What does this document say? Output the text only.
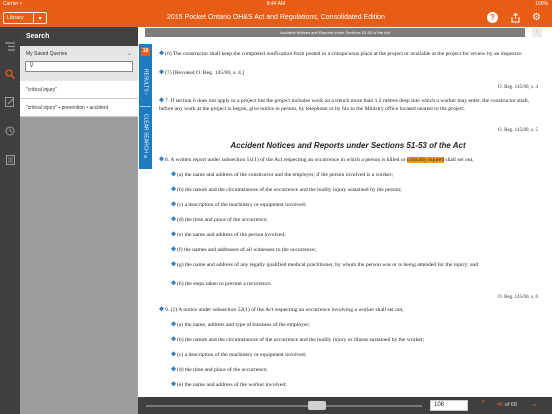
Carrier ≈	8:44 AM	100%
Library	▾	2015 Pocket Ontario OH&S Act and Regulations, Consolidated Edition	?	⚙
Search
My Saved Queries	⌄
⊽
"critical injury"
"critical injury" • prevention • accident
19
RESULTS ›
CLEAR SEARCH ✕
Accident Notices and Reports under Sections 51-53 of the Act	↑
✥(6) The constructor shall keep the completed notification form posted in a conspicuous place at the project or available at the project for review by an inspector.
✥(7) [Revoked O. Reg. 145/00, s. 4.]
O. Reg. 145/00, s. 4
✥7. If section 6 does not apply to a project but the project includes work on a trench more than 1.2 metres deep into which a worker may enter, the constructor shall, before any work at the project is begun, give notice in person, by telephone or by fax to the Ministry office located nearest to the project.
O. Reg. 145/00, s. 5
Accident Notices and Reports under Sections 51-53 of the Act
✥8. A written report under subsection 51(1) of the Act respecting an occurrence in which a person is killed or critically injured shall set out,
✥(a) the name and address of the constructor and the employer, if the person involved is a worker;
✥(b) the nature and the circumstances of the occurrence and the bodily injury sustained by the person;
✥(c) a description of the machinery or equipment involved;
✥(d) the time and place of the occurrence;
✥(e) the name and address of the person involved;
✥(f) the names and addresses of all witnesses to the occurrence;
✥(g) the name and address of any legally qualified medical practitioner, by whom the person was or is being attended for the injury; and
✥(h) the steps taken to prevent a recurrence.
O. Reg. 145/00, s. 6
✥9. (1) A notice under subsection 52(1) of the Act respecting an occurrence involving a worker shall set out,
✥(a) the name, address and type of business of the employer;
✥(b) the nature and the circumstances of the occurrence and the bodily injury or illness sustained by the worker;
✥(c) a description of the machinery or equipment involved;
✥(d) the time and place of the occurrence;
✥(e) the name and address of the worker involved;
108	⌃ 46 of 68 ⌄
